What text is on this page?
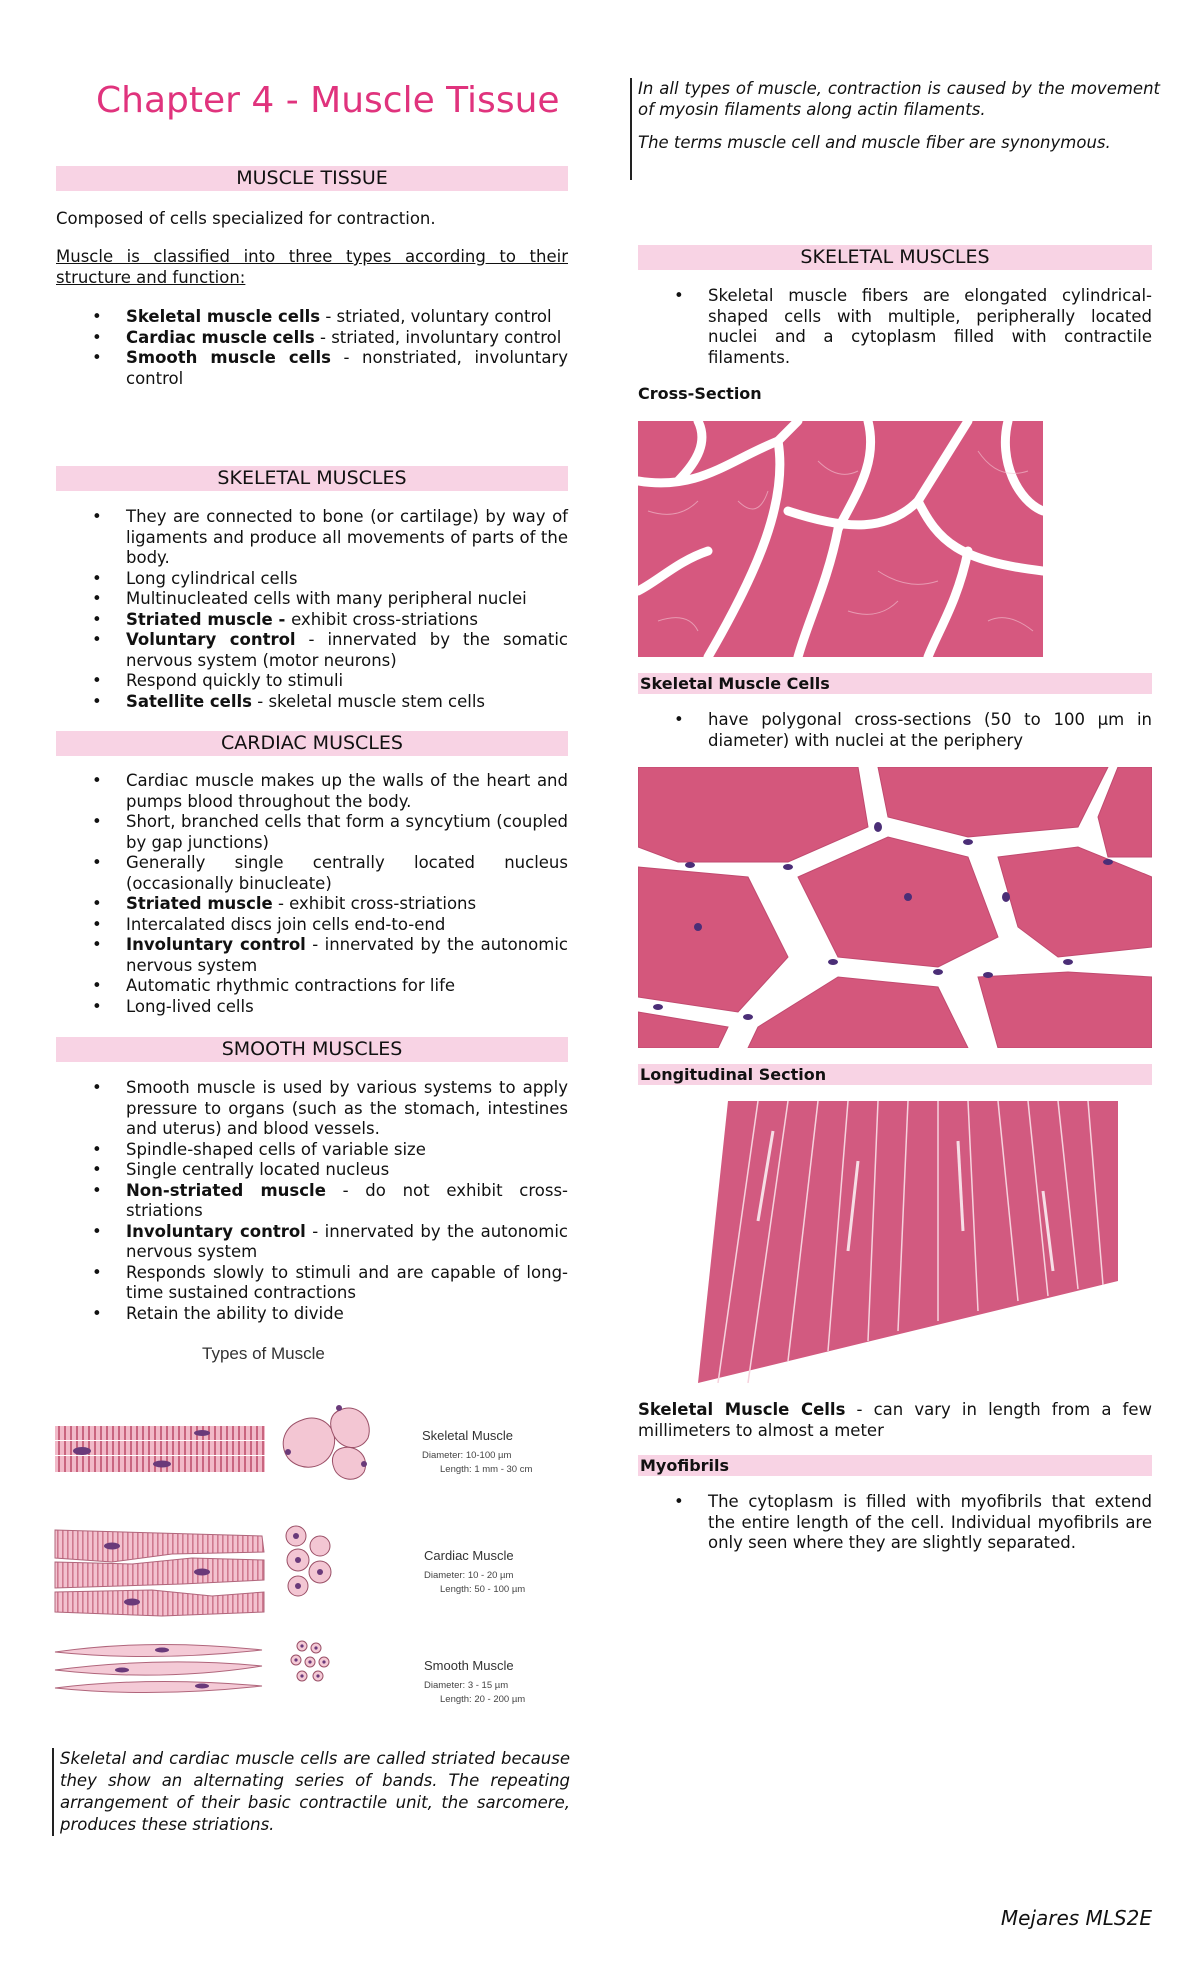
Chapter 4 - Muscle Tissue
MUSCLE TISSUE
Composed of cells specialized for contraction.
Muscle is classified into three types according to their structure and function:
• Skeletal muscle cells - striated, voluntary control
• Cardiac muscle cells - striated, involuntary control
• Smooth muscle cells - nonstriated, involuntary control
SKELETAL MUSCLES
• They are connected to bone (or cartilage) by way of ligaments and produce all movements of parts of the body.
• Long cylindrical cells
• Multinucleated cells with many peripheral nuclei
• Striated muscle - exhibit cross-striations
• Voluntary control - innervated by the somatic nervous system (motor neurons)
• Respond quickly to stimuli
• Satellite cells - skeletal muscle stem cells
CARDIAC MUSCLES
• Cardiac muscle makes up the walls of the heart and pumps blood throughout the body.
• Short, branched cells that form a syncytium (coupled by gap junctions)
• Generally single centrally located nucleus (occasionally binucleate)
• Striated muscle - exhibit cross-striations
• Intercalated discs join cells end-to-end
• Involuntary control - innervated by the autonomic nervous system
• Automatic rhythmic contractions for life
• Long-lived cells
SMOOTH MUSCLES
• Smooth muscle is used by various systems to apply pressure to organs (such as the stomach, intestines and uterus) and blood vessels.
• Spindle-shaped cells of variable size
• Single centrally located nucleus
• Non-striated muscle - do not exhibit cross-striations
• Involuntary control - innervated by the autonomic nervous system
• Responds slowly to stimuli and are capable of long-time sustained contractions
• Retain the ability to divide
Types of Muscle
Skeletal Muscle
Diameter: 10-100 µm
Length: 1 mm - 30 cm
Cardiac Muscle
Diameter: 10 - 20 µm
Length: 50 - 100 µm
Smooth Muscle
Diameter: 3 - 15 µm
Length: 20 - 200 µm
Skeletal and cardiac muscle cells are called striated because they show an alternating series of bands. The repeating arrangement of their basic contractile unit, the sarcomere, produces these striations.
In all types of muscle, contraction is caused by the movement of myosin filaments along actin filaments.
The terms muscle cell and muscle fiber are synonymous.
SKELETAL MUSCLES
• Skeletal muscle fibers are elongated cylindrical-shaped cells with multiple, peripherally located nuclei and a cytoplasm filled with contractile filaments.
Cross-Section
Skeletal Muscle Cells
• have polygonal cross-sections (50 to 100 µm in diameter) with nuclei at the periphery
Longitudinal Section
Skeletal Muscle Cells - can vary in length from a few millimeters to almost a meter
Myofibrils
• The cytoplasm is filled with myofibrils that extend the entire length of the cell. Individual myofibrils are only seen where they are slightly separated.
Mejares MLS2E
